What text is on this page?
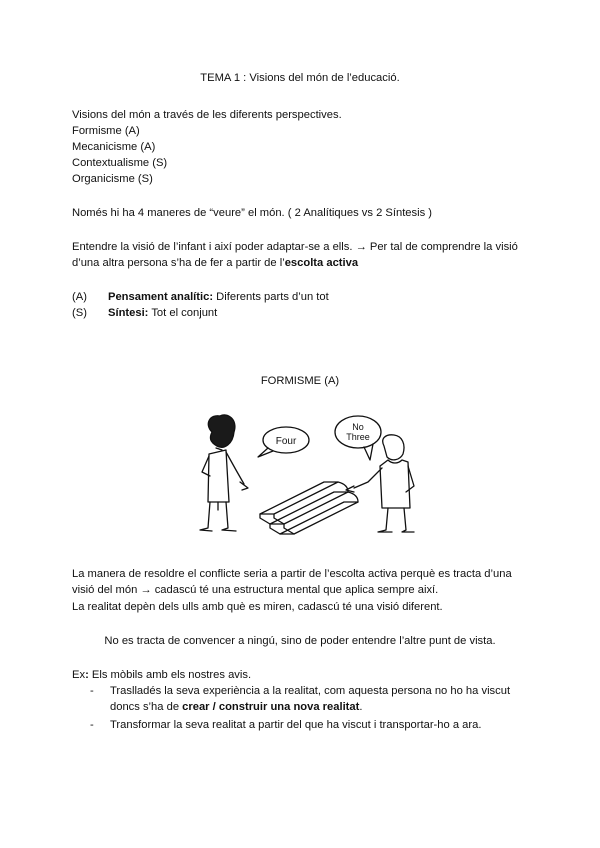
TEMA 1 : Visions del món de l’educació.
Visions del món a través de les diferents perspectives.
Formisme (A)
Mecanicisme (A)
Contextualisme (S)
Organicisme (S)
Només hi ha 4 maneres de “veure” el món. ( 2 Analítiques vs 2 Síntesis )
Entendre la visió de l’infant i així poder adaptar-se a ells. → Per tal de comprendre la visió
d’una altra persona s’ha de fer a partir de l’escolta activa
(A) Pensament analític: Diferents parts d’un tot
(S) Síntesi: Tot el conjunt
FORMISME (A)
Four
No
Three
La manera de resoldre el conflicte seria a partir de l’escolta activa perquè es tracta d’una
visió del món → cadascú té una estructura mental que aplica sempre així.
La realitat depèn dels ulls amb què es miren, cadascú té una visió diferent.
No es tracta de convencer a ningú, sino de poder entendre l’altre punt de vista.
Ex: Els mòbils amb els nostres avis.
- Traslladés la seva experiència a la realitat, com aquesta persona no ho ha viscut
doncs s’ha de crear / construir una nova realitat.
- Transformar la seva realitat a partir del que ha viscut i transportar-ho a ara.
